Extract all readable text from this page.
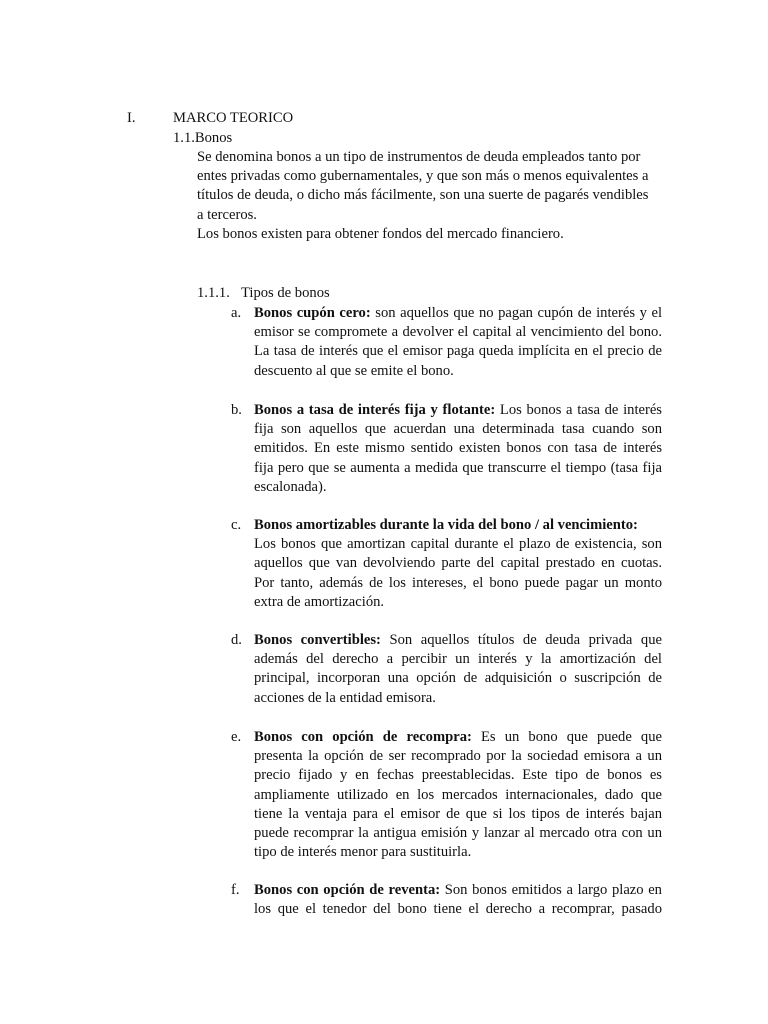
I.	MARCO TEORICO
1.1.Bonos
Se denomina bonos a un tipo de instrumentos de deuda empleados tanto por
entes privadas como gubernamentales, y que son más o menos equivalentes a
títulos de deuda, o dicho más fácilmente, son una suerte de pagarés vendibles
a terceros.
Los bonos existen para obtener fondos del mercado financiero.
1.1.1. Tipos de bonos
a. Bonos cupón cero: son aquellos que no pagan cupón de interés y el
emisor se compromete a devolver el capital al vencimiento del bono.
La tasa de interés que el emisor paga queda implícita en el precio de
descuento al que se emite el bono.
b. Bonos a tasa de interés fija y flotante: Los bonos a tasa de interés
fija son aquellos que acuerdan una determinada tasa cuando son
emitidos. En este mismo sentido existen bonos con tasa de interés
fija pero que se aumenta a medida que transcurre el tiempo (tasa fija
escalonada).
c. Bonos amortizables durante la vida del bono / al vencimiento:
Los bonos que amortizan capital durante el plazo de existencia, son
aquellos que van devolviendo parte del capital prestado en cuotas.
Por tanto, además de los intereses, el bono puede pagar un monto
extra de amortización.
d. Bonos convertibles: Son aquellos títulos de deuda privada que
además del derecho a percibir un interés y la amortización del
principal, incorporan una opción de adquisición o suscripción de
acciones de la entidad emisora.
e. Bonos con opción de recompra: Es un bono que puede que
presenta la opción de ser recomprado por la sociedad emisora a un
precio fijado y en fechas preestablecidas. Este tipo de bonos es
ampliamente utilizado en los mercados internacionales, dado que
tiene la ventaja para el emisor de que si los tipos de interés bajan
puede recomprar la antigua emisión y lanzar al mercado otra con un
tipo de interés menor para sustituirla.
f. Bonos con opción de reventa: Son bonos emitidos a largo plazo en
los que el tenedor del bono tiene el derecho a recomprar, pasado
